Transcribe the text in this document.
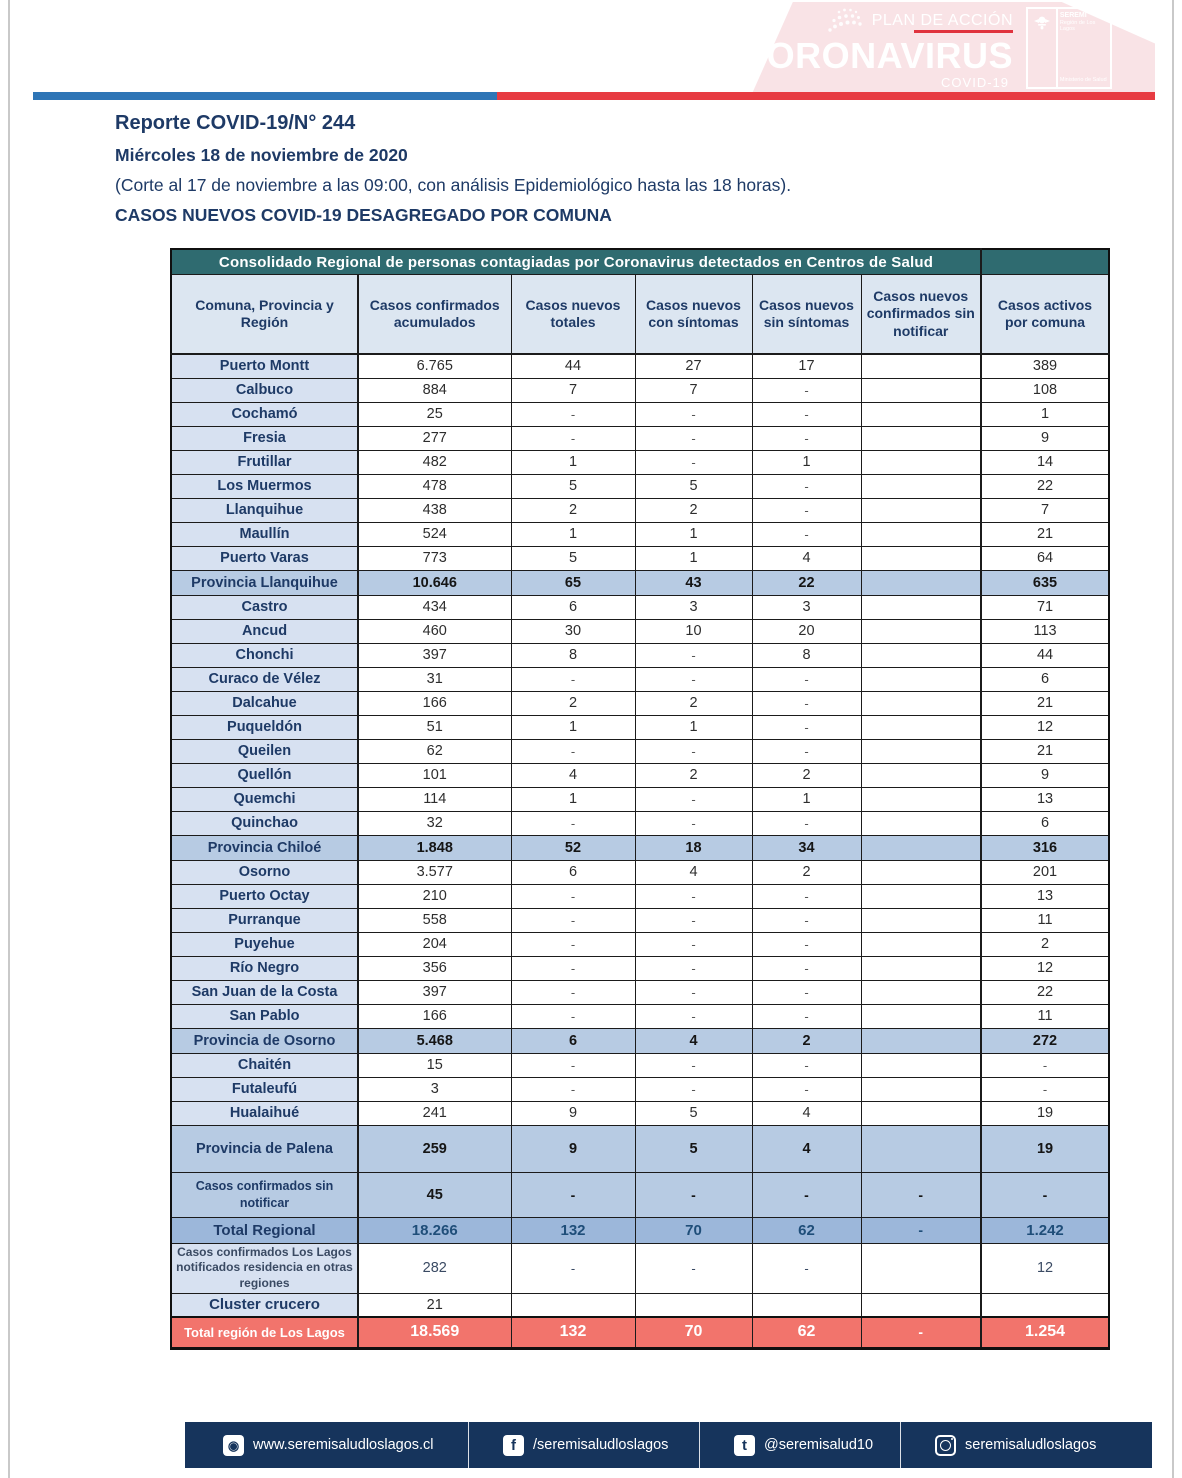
SITUACIÓN CORONAVIRUS COVID-19
REGIÓN DE LOS LAGOS
PLAN DE ACCIÓN
CORONAVIRUS
COVID-19
SEREMI
Región de Los Lagos
Ministerio de Salud
Reporte COVID-19/N° 244
Miércoles 18 de noviembre de 2020
(Corte al 17 de noviembre a las 09:00, con análisis Epidemiológico hasta las 18 horas).
CASOS NUEVOS COVID-19 DESAGREGADO POR COMUNA
Consolidado Regional de personas contagiadas por Coronavirus detectados en Centros de Salud						
Comuna, Provincia y Región	Casos confirmados acumulados	Casos nuevos totales	Casos nuevos con síntomas	Casos nuevos sin síntomas	Casos nuevos confirmados sin notificar	Casos activos por comuna
Puerto Montt	6.765	44	27	17		389
Calbuco	884	7	7	-		108
Cochamó	25	-	-	-		1
Fresia	277	-	-	-		9
Frutillar	482	1	-	1		14
Los Muermos	478	5	5	-		22
Llanquihue	438	2	2	-		7
Maullín	524	1	1	-		21
Puerto Varas	773	5	1	4		64
Provincia Llanquihue	10.646	65	43	22		635
Castro	434	6	3	3		71
Ancud	460	30	10	20		113
Chonchi	397	8	-	8		44
Curaco de Vélez	31	-	-	-		6
Dalcahue	166	2	2	-		21
Puqueldón	51	1	1	-		12
Queilen	62	-	-	-		21
Quellón	101	4	2	2		9
Quemchi	114	1	-	1		13
Quinchao	32	-	-	-		6
Provincia Chiloé	1.848	52	18	34		316
Osorno	3.577	6	4	2		201
Puerto Octay	210	-	-	-		13
Purranque	558	-	-	-		11
Puyehue	204	-	-	-		2
Río Negro	356	-	-	-		12
San Juan de la Costa	397	-	-	-		22
San Pablo	166	-	-	-		11
Provincia de Osorno	5.468	6	4	2		272
Chaitén	15	-	-	-		-
Futaleufú	3	-	-	-		-
Hualaihué	241	9	5	4		19
Provincia de Palena	259	9	5	4		19
Casos confirmados sin notificar	45	-	-	-	-	-
Total Regional	18.266	132	70	62	-	1.242
Casos confirmados Los Lagos notificados residencia en otras regiones	282	-	-	-		12
Cluster crucero	21					
Total región de Los Lagos	18.569	132	70	62	-	1.254
◉ www.seremisaludloslagos.cl	f	/seremisaludloslagos	t	@seremisalud10	seremisaludloslagos
